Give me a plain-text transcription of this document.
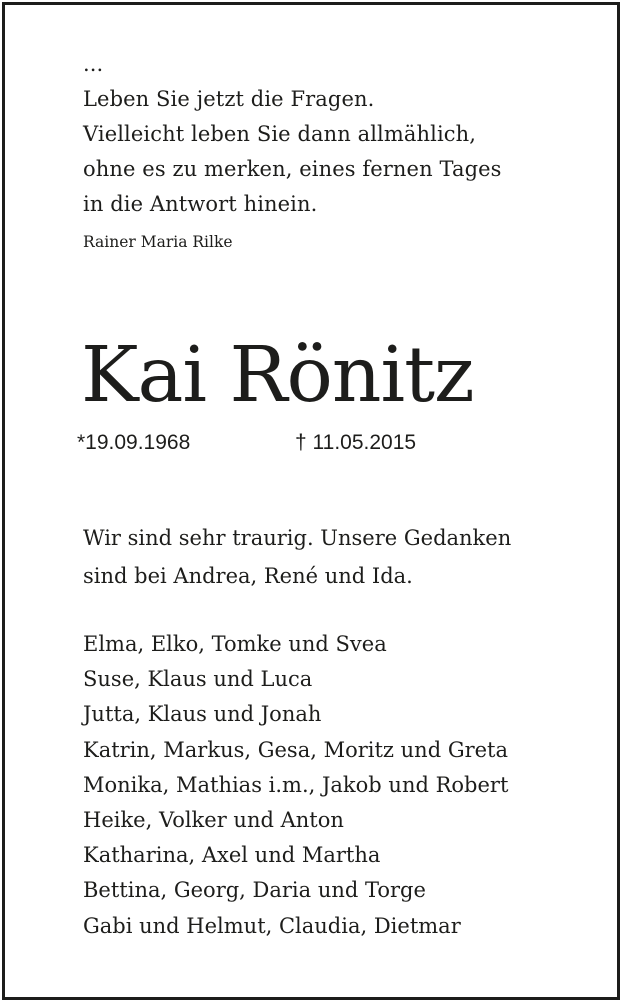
...
Leben Sie jetzt die Fragen.
Vielleicht leben Sie dann allmählich,
ohne es zu merken, eines fernen Tages
in die Antwort hinein.
Rainer Maria Rilke
Kai Rönitz
*19.09.1968	† 11.05.2015
Wir sind sehr traurig. Unsere Gedanken
sind bei Andrea, René und Ida.
Elma, Elko, Tomke und Svea
Suse, Klaus und Luca
Jutta, Klaus und Jonah
Katrin, Markus, Gesa, Moritz und Greta
Monika, Mathias i.m., Jakob und Robert
Heike, Volker und Anton
Katharina, Axel und Martha
Bettina, Georg, Daria und Torge
Gabi und Helmut, Claudia, Dietmar
